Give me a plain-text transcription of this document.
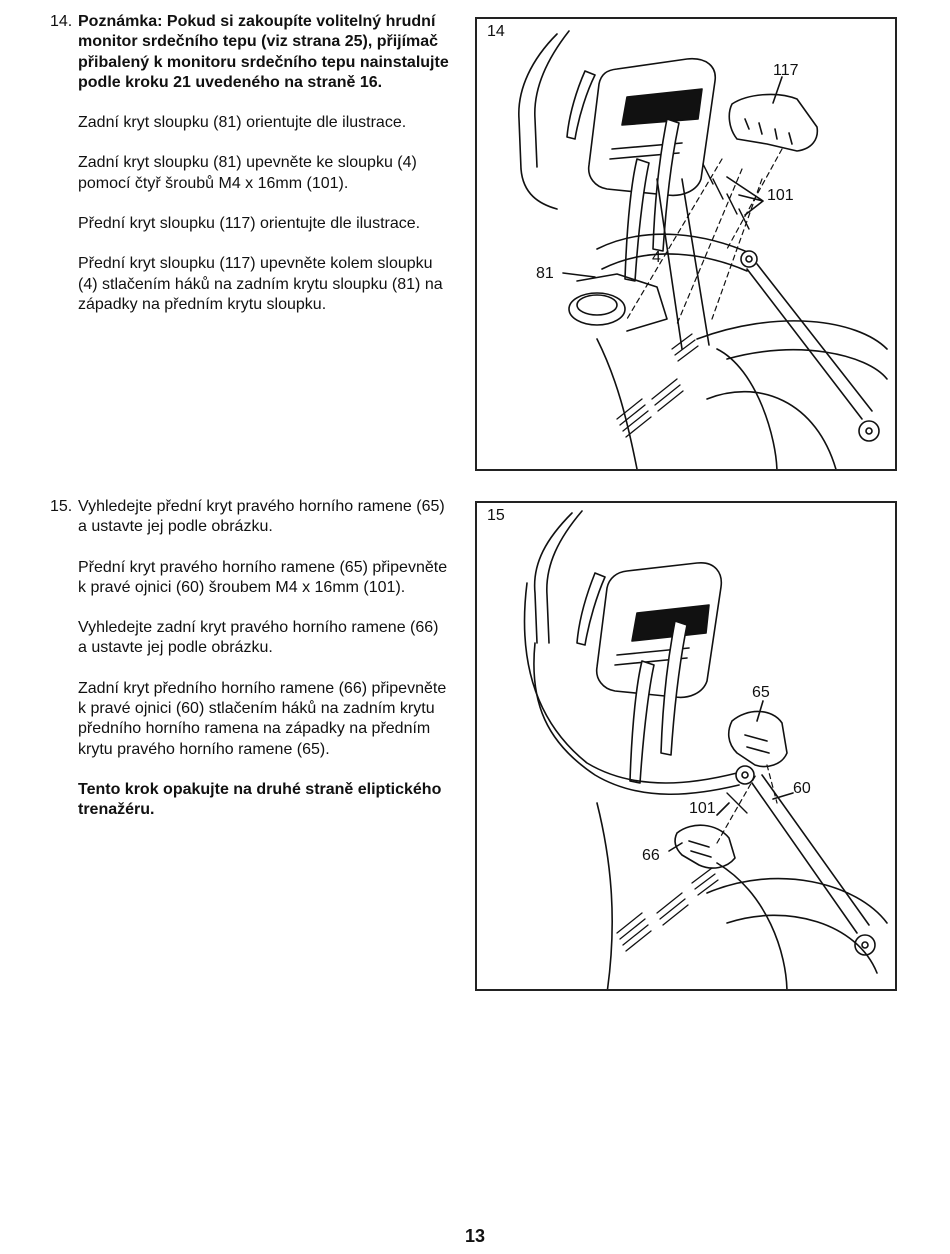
14. Poznámka: Pokud si zakoupíte volitelný hrudní monitor srdečního tepu (viz strana 25), přijímač přibalený k monitoru srdečního tepu nainstalujte podle kroku 21 uvedeného na straně 16.

Zadní kryt sloupku (81) orientujte dle ilustrace.

Zadní kryt sloupku (81) upevněte ke sloupku (4) pomocí čtyř šroubů M4 x 16mm (101).

Přední kryt sloupku (117) orientujte dle ilustrace.

Přední kryt sloupku (117) upevněte kolem sloupku (4) stlačením háků na zadním krytu sloupku (81) na západky na předním krytu sloupku.

14
117
101
81
4
15. Vyhledejte přední kryt pravého horního ramene (65) a ustavte jej podle obrázku.

Přední kryt pravého horního ramene (65) připevněte k pravé ojnici (60) šroubem M4 x 16mm (101).

Vyhledejte zadní kryt pravého horního ramene (66) a ustavte jej podle obrázku.

Zadní kryt předního horního ramene (66) připevněte k pravé ojnici (60) stlačením háků na zadním krytu předního horního ramena na západky na předním krytu pravého horního ramene (65).

Tento krok opakujte na druhé straně eliptického trenažéru.

15
65
60
101
66
13
